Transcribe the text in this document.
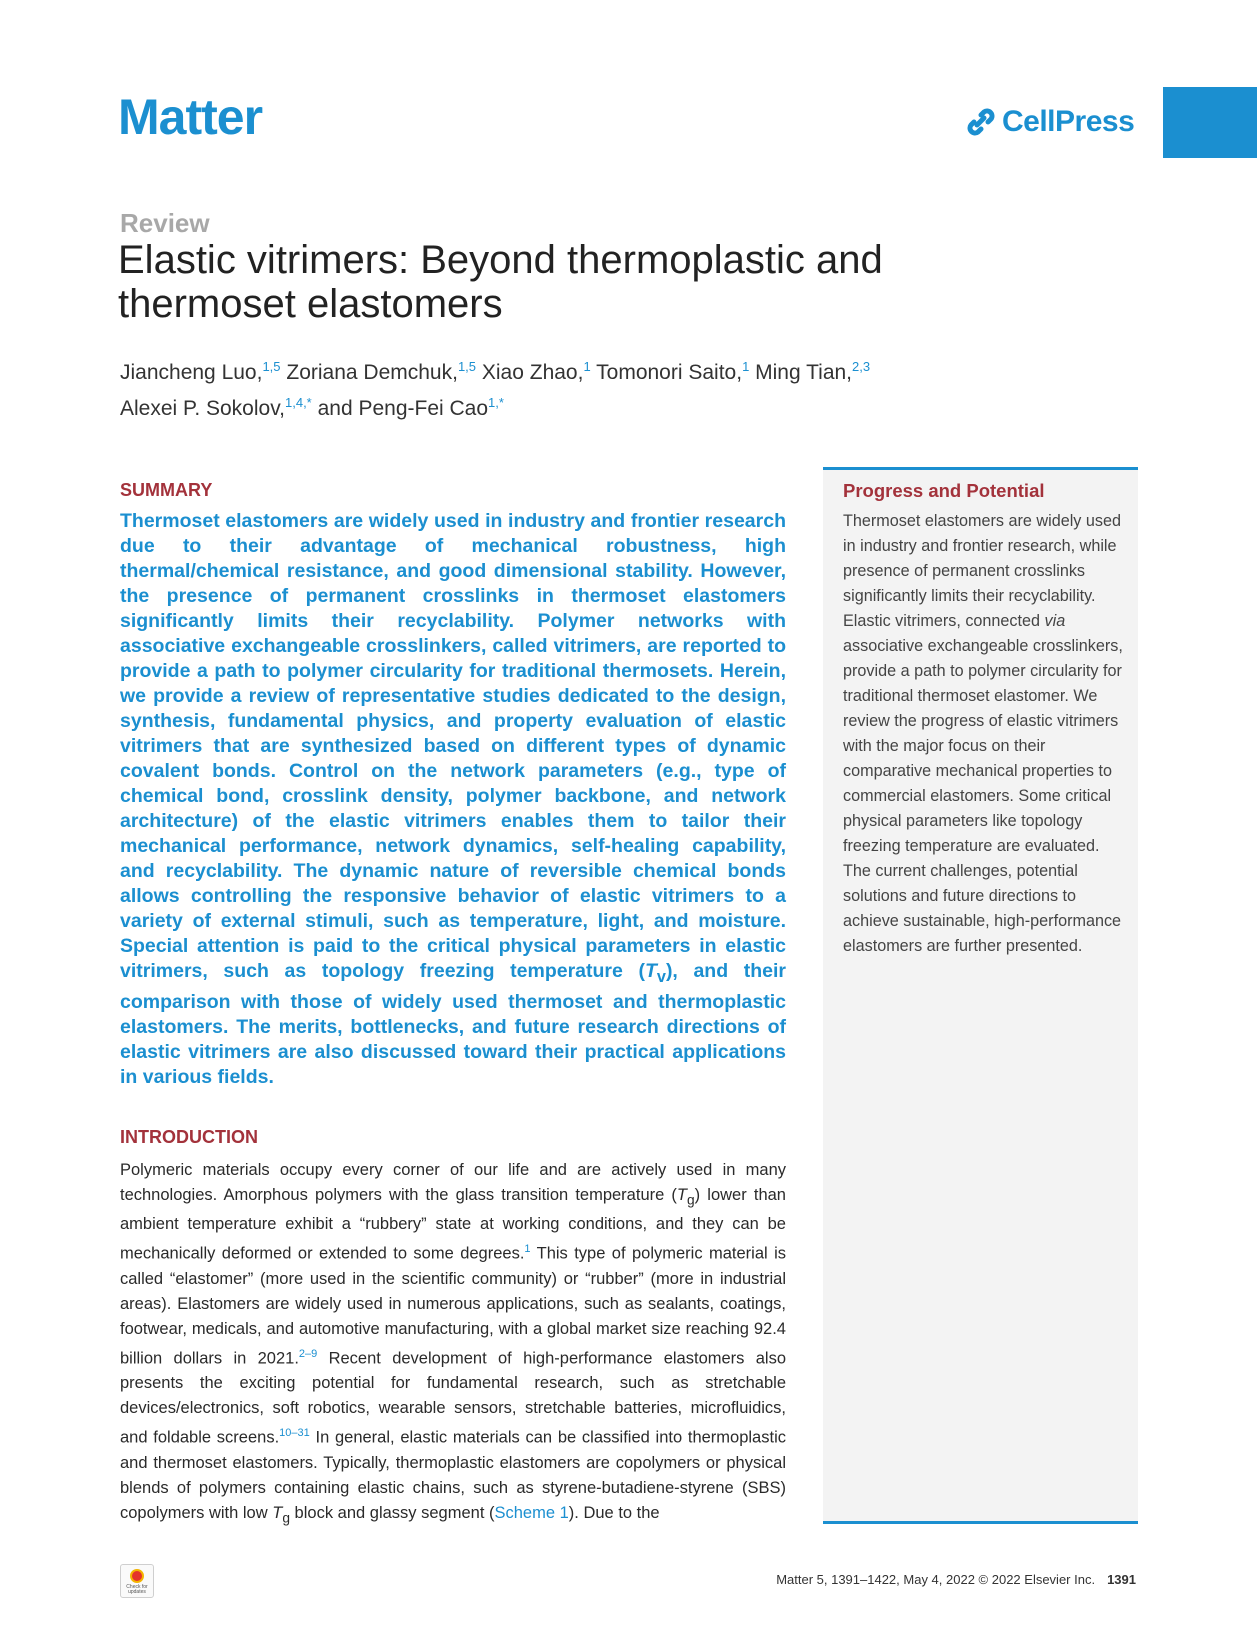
Matter	CellPress
Review
Elastic vitrimers: Beyond thermoplastic and thermoset elastomers
Jiancheng Luo,$^{1,5}$ Zoriana Demchuk,$^{1,5}$ Xiao Zhao,$^1$ Tomonori Saito,$^1$ Ming Tian,$^{2,3}$
Alexei P. Sokolov,$^{1,4,*}$ and Peng-Fei Cao$^{1,*}$
SUMMARY

Thermoset elastomers are widely used in industry and frontier research due to their advantage of mechanical robustness, high thermal/chemical resistance, and good dimensional stability. However, the presence of permanent crosslinks in thermoset elastomers significantly limits their recyclability. Polymer networks with associative exchangeable crosslinkers, called vitrimers, are reported to provide a path to polymer circularity for traditional thermosets. Herein, we provide a review of representative studies dedicated to the design, synthesis, fundamental physics, and property evaluation of elastic vitrimers that are synthesized based on different types of dynamic covalent bonds. Control on the network parameters (e.g., type of chemical bond, crosslink density, polymer backbone, and network architecture) of the elastic vitrimers enables them to tailor their mechanical performance, network dynamics, self-healing capability, and recyclability. The dynamic nature of reversible chemical bonds allows controlling the responsive behavior of elastic vitrimers to a variety of external stimuli, such as temperature, light, and moisture. Special attention is paid to the critical physical parameters in elastic vitrimers, such as topology freezing temperature $(T_v)$, and their comparison with those of widely used thermoset and thermoplastic elastomers. The merits, bottlenecks, and future research directions of elastic vitrimers are also discussed toward their practical applications in various fields.

INTRODUCTION

Polymeric materials occupy every corner of our life and are actively used in many technologies. Amorphous polymers with the glass transition temperature $(T_g)$ lower than ambient temperature exhibit a “rubbery” state at working conditions, and they can be mechanically deformed or extended to some degrees.$^1$ This type of polymeric material is called “elastomer” (more used in the scientific community) or “rubber” (more in industrial areas). Elastomers are widely used in numerous applications, such as sealants, coatings, footwear, medicals, and automotive manufacturing, with a global market size reaching 92.4 billion dollars in 2021.$^{2-9}$ Recent development of high-performance elastomers also presents the exciting potential for fundamental research, such as stretchable devices/electronics, soft robotics, wearable sensors, stretchable batteries, microfluidics, and foldable screens.$^{10-31}$ In general, elastic materials can be classified into thermoplastic and thermoset elastomers. Typically, thermoplastic elastomers are copolymers or physical blends of polymers containing elastic chains, such as styrene-butadiene-styrene (SBS) copolymers with low $T_g$ block and glassy segment (Scheme 1). Due to the

Progress and Potential

Thermoset elastomers are widely used in industry and frontier research, while presence of permanent crosslinks significantly limits their recyclability. Elastic vitrimers, connected via associative exchangeable crosslinkers, provide a path to polymer circularity for traditional thermoset elastomer. We review the progress of elastic vitrimers with the major focus on their comparative mechanical properties to commercial elastomers. Some critical physical parameters like topology freezing temperature are evaluated. The current challenges, potential solutions and future directions to achieve sustainable, high-performance elastomers are further presented.

Check for updates
Matter 5, 1391–1422, May 4, 2022 © 2022 Elsevier Inc. 1391
